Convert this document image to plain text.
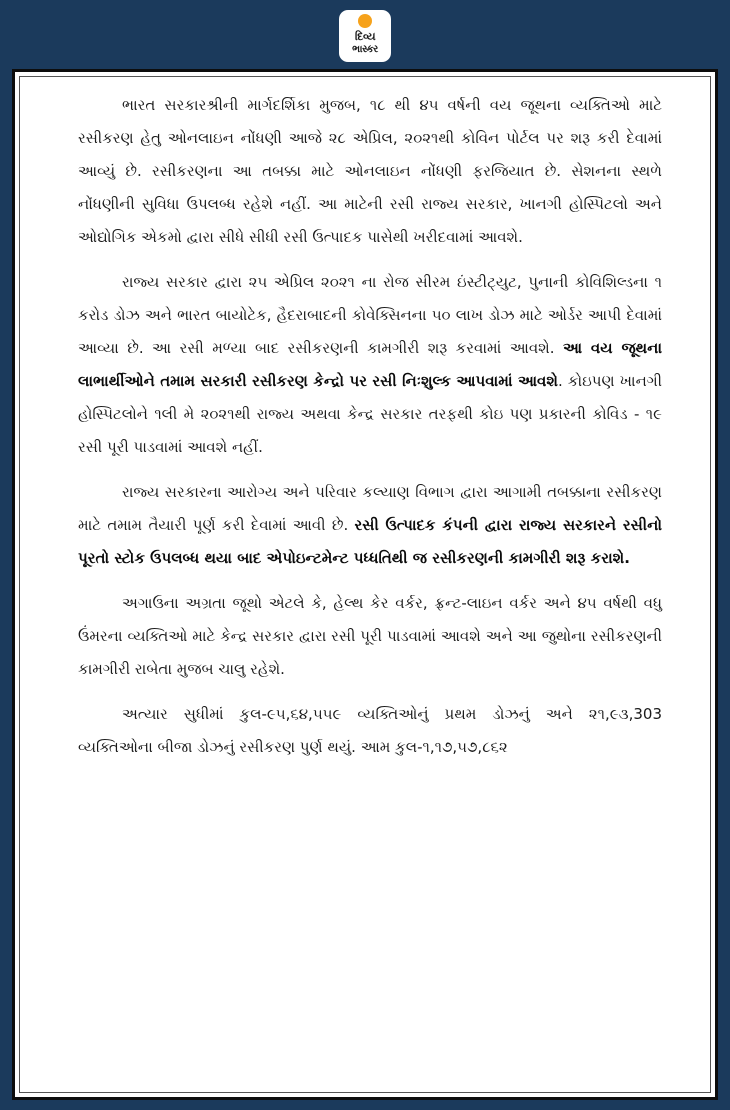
દિવ્ય
ભાસ્કર

ભારત સરકારશ્રીની માર્ગદર્શિકા મુજબ, ૧૮ થી ૪૫ વર્ષની વય જૂથના વ્યક્તિઓ માટે રસીકરણ હેતુ ઓનલાઇન નોંધણી આજે ૨૮ એપ્રિલ, ૨૦૨૧થી કોવિન પોર્ટલ પર શરૂ કરી દેવામાં આવ્યું છે. રસીકરણના આ તબક્કા માટે ઓનલાઇન નોંધણી ફરજિયાત છે. સેશનના સ્થળે નોંધણીની સુવિધા ઉપલબ્ધ રહેશે નહીં. આ માટેની રસી રાજ્ય સરકાર, ખાનગી હોસ્પિટલો અને ઓદ્યોગિક એકમો દ્વારા સીધે સીધી રસી ઉત્પાદક પાસેથી ખરીદવામાં આવશે.

રાજ્ય સરકાર દ્વારા ૨૫ એપ્રિલ ૨૦૨૧ ના રોજ સીરમ ઇંસ્ટીટ્યુટ, પુનાની કોવિશિલ્ડના ૧ કરોડ ડોઝ અને ભારત બાયોટેક, હૈદરાબાદની કોવેક્સિનના ૫૦ લાખ ડોઝ માટે ઓર્ડર આપી દેવામાં આવ્યા છે. આ રસી મળ્યા બાદ રસીકરણની કામગીરી શરૂ કરવામાં આવશે. આ વય જૂથના લાભાર્થીઓને તમામ સરકારી રસીકરણ કેન્દ્રો પર રસી નિઃશુલ્ક આપવામાં આવશે. કોઇપણ ખાનગી હોસ્પિટલોને ૧લી મે ૨૦૨૧થી રાજ્ય અથવા કેન્દ્ર સરકાર તરફથી કોઇ પણ પ્રકારની કોવિડ - ૧૯ રસી પૂરી પાડવામાં આવશે નહીં.

રાજ્ય સરકારના આરોગ્ય અને પરિવાર કલ્યાણ વિભાગ દ્વારા આગામી તબક્કાના રસીકરણ માટે તમામ તૈયારી પૂર્ણ કરી દેવામાં આવી છે. રસી ઉત્પાદક કંપની દ્વારા રાજ્ય સરકારને રસીનો પૂરતો સ્ટોક ઉપલબ્ધ થયા બાદ એપોઇન્ટમેન્ટ પધ્ધતિથી જ રસીકરણની કામગીરી શરૂ કરાશે.

અગાઉના અગ્રતા જૂથો એટલે કે, હેલ્થ કેર વર્કર, ફ્રન્ટ-લાઇન વર્કર અને ૪૫ વર્ષથી વધુ ઉંમરના વ્યક્તિઓ માટે કેન્દ્ર સરકાર દ્વારા રસી પૂરી પાડવામાં આવશે અને આ જુથોના રસીકરણની કામગીરી રાબેતા મુજબ ચાલુ રહેશે.

અત્યાર સુધીમાં કુલ-૯૫,૬૪,૫૫૯ વ્યક્તિઓનું પ્રથમ ડોઝનું અને ૨૧,૯૩,303 વ્યક્તિઓના બીજા ડોઝનું રસીકરણ પુર્ણ થયું. આમ કુલ-૧,૧૭,૫૭,૮૬૨
